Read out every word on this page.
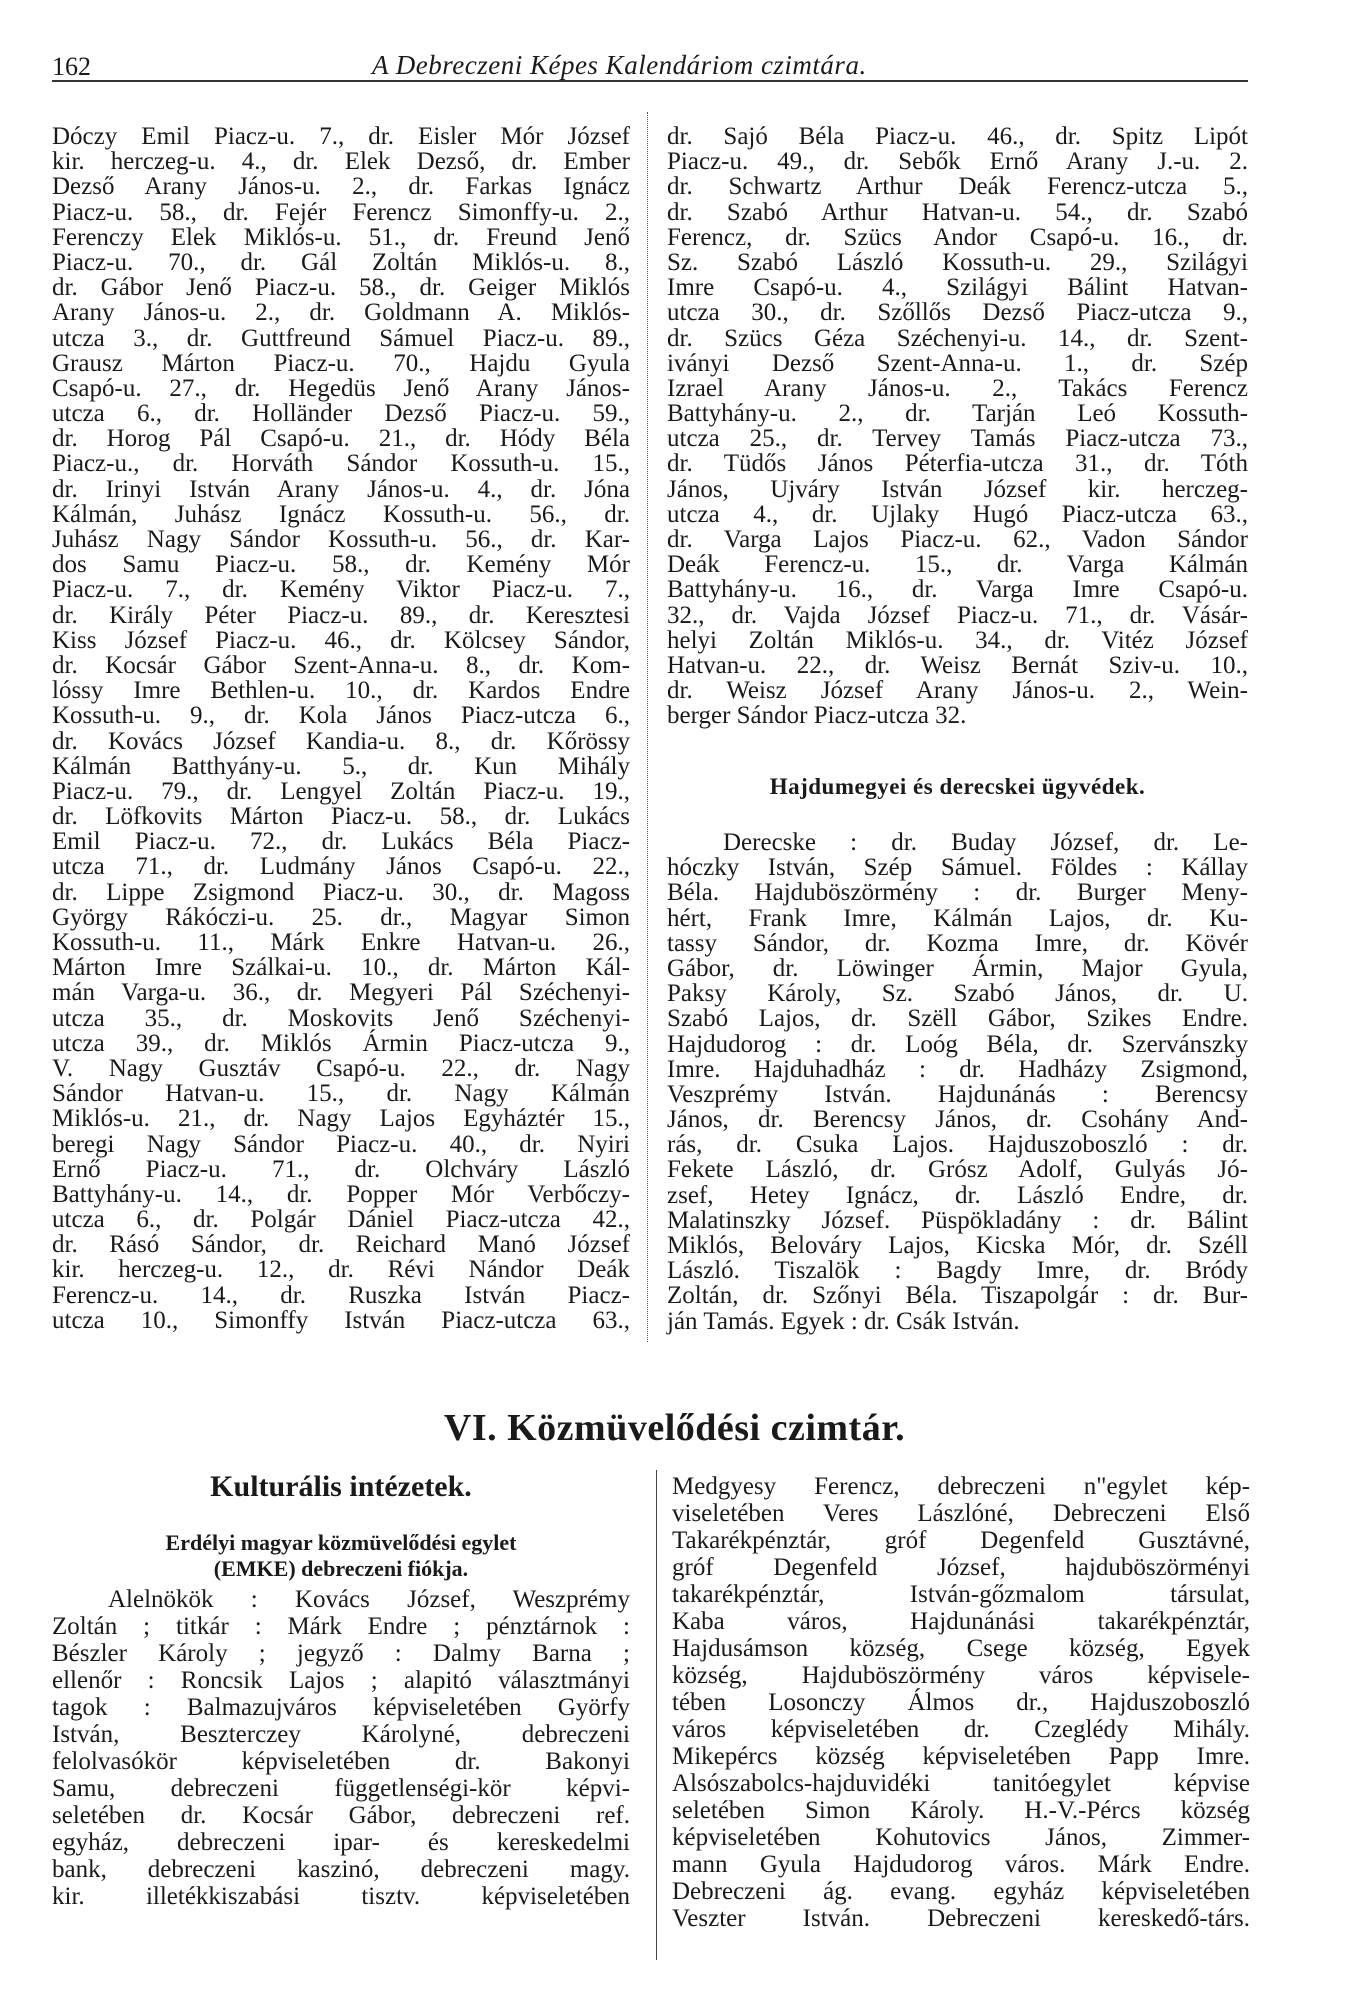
162	A Debreczeni Képes Kalendáriom czimtára.
Dóczy Emil Piacz-u. 7., dr. Eisler Mór József
kir. herczeg-u. 4., dr. Elek Dezső, dr. Ember
Dezső Arany János-u. 2., dr. Farkas Ignácz
Piacz-u. 58., dr. Fejér Ferencz Simonffy-u. 2.,
Ferenczy Elek Miklós-u. 51., dr. Freund Jenő
Piacz-u. 70., dr. Gál Zoltán Miklós-u. 8.,
dr. Gábor Jenő Piacz-u. 58., dr. Geiger Miklós
Arany János-u. 2., dr. Goldmann A. Miklós-
utcza 3., dr. Guttfreund Sámuel Piacz-u. 89.,
Grausz Márton Piacz-u. 70., Hajdu Gyula
Csapó-u. 27., dr. Hegedüs Jenő Arany János-
utcza 6., dr. Holländer Dezső Piacz-u. 59.,
dr. Horog Pál Csapó-u. 21., dr. Hódy Béla
Piacz-u., dr. Horváth Sándor Kossuth-u. 15.,
dr. Irinyi István Arany János-u. 4., dr. Jóna
Kálmán, Juhász Ignácz Kossuth-u. 56., dr.
Juhász Nagy Sándor Kossuth-u. 56., dr. Kar-
dos Samu Piacz-u. 58., dr. Kemény Mór
Piacz-u. 7., dr. Kemény Viktor Piacz-u. 7.,
dr. Király Péter Piacz-u. 89., dr. Keresztesi
Kiss József Piacz-u. 46., dr. Kölcsey Sándor,
dr. Kocsár Gábor Szent-Anna-u. 8., dr. Kom-
lóssy Imre Bethlen-u. 10., dr. Kardos Endre
Kossuth-u. 9., dr. Kola János Piacz-utcza 6.,
dr. Kovács József Kandia-u. 8., dr. Kőrössy
Kálmán Batthyány-u. 5., dr. Kun Mihály
Piacz-u. 79., dr. Lengyel Zoltán Piacz-u. 19.,
dr. Löfkovits Márton Piacz-u. 58., dr. Lukács
Emil Piacz-u. 72., dr. Lukács Béla Piacz-
utcza 71., dr. Ludmány János Csapó-u. 22.,
dr. Lippe Zsigmond Piacz-u. 30., dr. Magoss
György Rákóczi-u. 25. dr., Magyar Simon
Kossuth-u. 11., Márk Enkre Hatvan-u. 26.,
Márton Imre Szálkai-u. 10., dr. Márton Kál-
mán Varga-u. 36., dr. Megyeri Pál Széchenyi-
utcza 35., dr. Moskovits Jenő Széchenyi-
utcza 39., dr. Miklós Ármin Piacz-utcza 9.,
V. Nagy Gusztáv Csapó-u. 22., dr. Nagy
Sándor Hatvan-u. 15., dr. Nagy Kálmán
Miklós-u. 21., dr. Nagy Lajos Egyháztér 15.,
beregi Nagy Sándor Piacz-u. 40., dr. Nyiri
Ernő Piacz-u. 71., dr. Olchváry László
Battyhány-u. 14., dr. Popper Mór Verbőczy-
utcza 6., dr. Polgár Dániel Piacz-utcza 42.,
dr. Rásó Sándor, dr. Reichard Manó József
kir. herczeg-u. 12., dr. Révi Nándor Deák
Ferencz-u. 14., dr. Ruszka István Piacz-
utcza 10., Simonffy István Piacz-utcza 63.,
dr. Sajó Béla Piacz-u. 46., dr. Spitz Lipót
Piacz-u. 49., dr. Sebők Ernő Arany J.-u. 2.
dr. Schwartz Arthur Deák Ferencz-utcza 5.,
dr. Szabó Arthur Hatvan-u. 54., dr. Szabó
Ferencz, dr. Szücs Andor Csapó-u. 16., dr.
Sz. Szabó László Kossuth-u. 29., Szilágyi
Imre Csapó-u. 4., Szilágyi Bálint Hatvan-
utcza 30., dr. Szőllős Dezső Piacz-utcza 9.,
dr. Szücs Géza Széchenyi-u. 14., dr. Szent-
iványi Dezső Szent-Anna-u. 1., dr. Szép
Izrael Arany János-u. 2., Takács Ferencz
Battyhány-u. 2., dr. Tarján Leó Kossuth-
utcza 25., dr. Tervey Tamás Piacz-utcza 73.,
dr. Tüdős János Péterfia-utcza 31., dr. Tóth
János, Ujváry István József kir. herczeg-
utcza 4., dr. Ujlaky Hugó Piacz-utcza 63.,
dr. Varga Lajos Piacz-u. 62., Vadon Sándor
Deák Ferencz-u. 15., dr. Varga Kálmán
Battyhány-u. 16., dr. Varga Imre Csapó-u.
32., dr. Vajda József Piacz-u. 71., dr. Vásár-
helyi Zoltán Miklós-u. 34., dr. Vitéz József
Hatvan-u. 22., dr. Weisz Bernát Sziv-u. 10.,
dr. Weisz József Arany János-u. 2., Wein-
berger Sándor Piacz-utcza 32.
Hajdumegyei és derecskei ügyvédek.
Derecske : dr. Buday József, dr. Le-
hóczky István, Szép Sámuel. Földes : Kállay
Béla. Hajduböszörmény : dr. Burger Meny-
hért, Frank Imre, Kálmán Lajos, dr. Ku-
tassy Sándor, dr. Kozma Imre, dr. Kövér
Gábor, dr. Löwinger Ármin, Major Gyula,
Paksy Károly, Sz. Szabó János, dr. U.
Szabó Lajos, dr. Szëll Gábor, Szikes Endre.
Hajdudorog : dr. Loóg Béla, dr. Szervánszky
Imre. Hajduhadház : dr. Hadházy Zsigmond,
Veszprémy István. Hajdunánás : Berencsy
János, dr. Berencsy János, dr. Csohány And-
rás, dr. Csuka Lajos. Hajduszoboszló : dr.
Fekete László, dr. Grósz Adolf, Gulyás Jó-
zsef, Hetey Ignácz, dr. László Endre, dr.
Malatinszky József. Püspökladány : dr. Bálint
Miklós, Belováry Lajos, Kicska Mór, dr. Széll
László. Tiszalök : Bagdy Imre, dr. Bródy
Zoltán, dr. Szőnyi Béla. Tiszapolgár : dr. Bur-
ján Tamás. Egyek : dr. Csák István.
VI. Közmüvelődési czimtár.
Kulturális intézetek.
Erdélyi magyar közmüvelődési egylet
(EMKE) debreczeni fiókja.
Alelnökök : Kovács József, Weszprémy
Zoltán ; titkár : Márk Endre ; pénztárnok :
Bészler Károly ; jegyző : Dalmy Barna ;
ellenőr : Roncsik Lajos ; alapitó választmányi
tagok : Balmazujváros képviseletében Györfy
István, Beszterczey Károlyné, debreczeni
felolvasókör képviseletében dr. Bakonyi
Samu, debreczeni függetlenségi-kör képvi-
seletében dr. Kocsár Gábor, debreczeni ref.
egyház, debreczeni ipar- és kereskedelmi
bank, debreczeni kaszinó, debreczeni magy.
kir. illetékkiszabási tisztv. képviseletében
Medgyesy Ferencz, debreczeni n"egylet kép-
viseletében Veres Lászlóné, Debreczeni Első
Takarékpénztár, gróf Degenfeld Gusztávné,
gróf Degenfeld József, hajduböszörményi
takarékpénztár, István-gőzmalom társulat,
Kaba város, Hajdunánási takarékpénztár,
Hajdusámson község, Csege község, Egyek
község, Hajduböszörmény város képvisele-
tében Losonczy Álmos dr., Hajduszoboszló
város képviseletében dr. Czeglédy Mihály.
Mikepércs község képviseletében Papp Imre.
Alsószabolcs-hajduvidéki tanitóegylet képvise
seletében Simon Károly. H.-V.-Pércs község
képviseletében Kohutovics János, Zimmer-
mann Gyula Hajdudorog város. Márk Endre.
Debreczeni ág. evang. egyház képviseletében
Veszter István. Debreczeni kereskedő-társ.
